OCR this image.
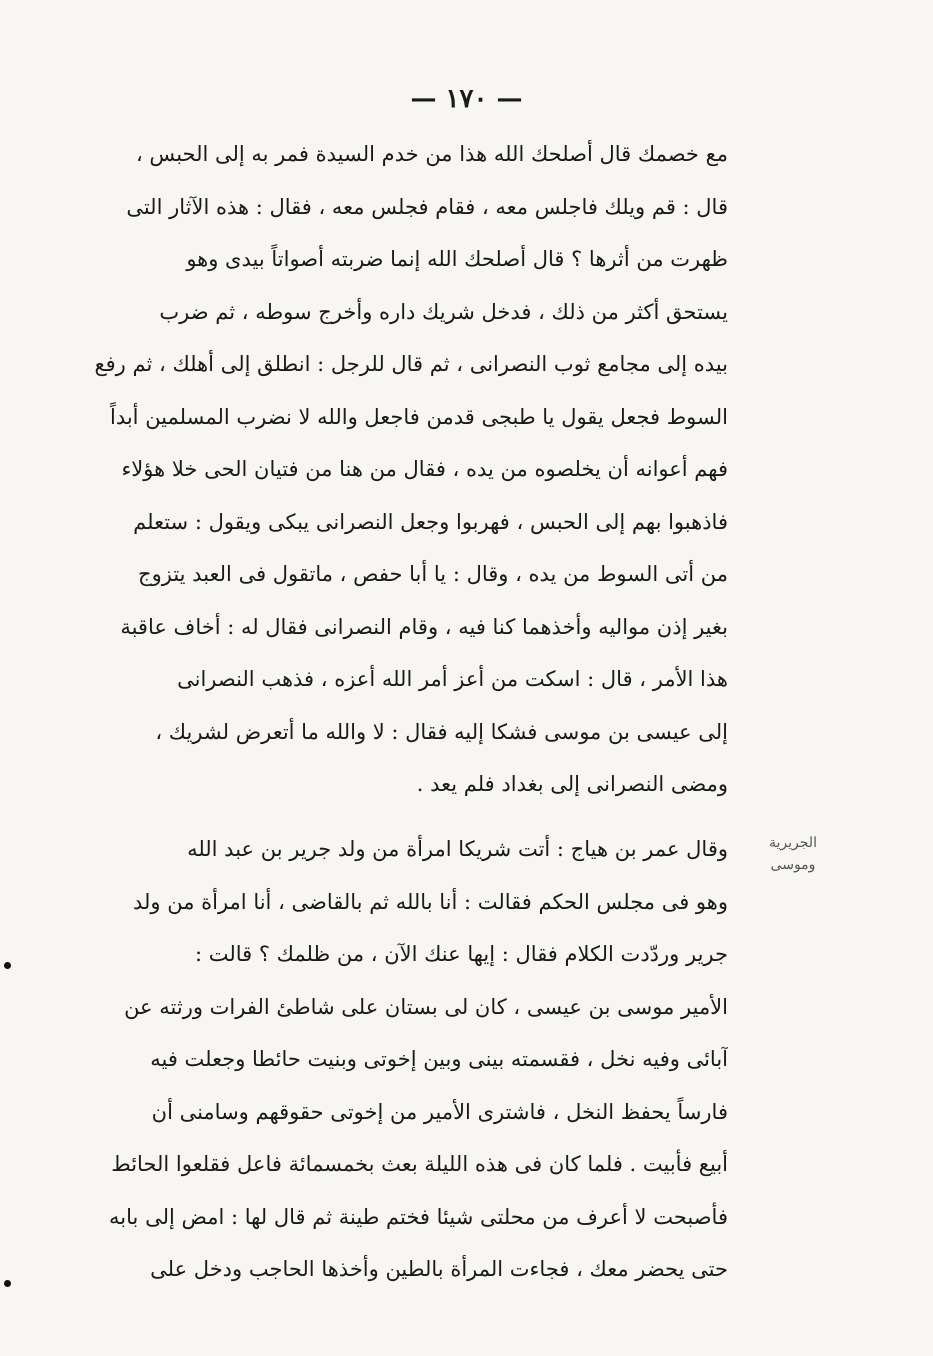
— ١٧٠ —
مع خصمك قال أصلحك الله هذا من خدم السيدة فمر به إلى الحبس ،
قال : قم ويلك فاجلس معه ، فقام فجلس معه ، فقال : هذه الآثار التى
ظهرت من أثرها ؟ قال أصلحك الله إنما ضربته أصواتاً بيدى وهو
يستحق أكثر من ذلك ، فدخل شريك داره وأخرج سوطه ، ثم ضرب
بيده إلى مجامع ثوب النصرانى ، ثم قال للرجل : انطلق إلى أهلك ، ثم رفع
السوط فجعل يقول يا طبجى قدمن فاجعل والله لا نضرب المسلمين أبداً
فهم أعوانه أن يخلصوه من يده ، فقال من هنا من فتيان الحى خلا هؤلاء
فاذهبوا بهم إلى الحبس ، فهربوا وجعل النصرانى يبكى ويقول : ستعلم
من أتى السوط من يده ، وقال : يا أبا حفص ، ماتقول فى العبد يتزوج
بغير إذن مواليه وأخذهما كنا فيه ، وقام النصرانى فقال له : أخاف عاقبة
هذا الأمر ، قال : اسكت من أعز أمر الله أعزه ، فذهب النصرانى
إلى عيسى بن موسى فشكا إليه فقال : لا والله ما أتعرض لشريك ،
ومضى النصرانى إلى بغداد فلم يعد .
الجريرية
وموسى
وقال عمر بن هياج : أتت شريكا امرأة من ولد جرير بن عبد الله
وهو فى مجلس الحكم فقالت : أنا بالله ثم بالقاضى ، أنا امرأة من ولد
جرير وردّدت الكلام فقال : إيها عنك الآن ، من ظلمك ؟ قالت :
الأمير موسى بن عيسى ، كان لى بستان على شاطئ الفرات ورثته عن
آبائى وفيه نخل ، فقسمته بينى وبين إخوتى وبنيت حائطا وجعلت فيه
فارساً يحفظ النخل ، فاشترى الأمير من إخوتى حقوقهم وسامنى أن
أبيع فأبيت . فلما كان فى هذه الليلة بعث بخمسمائة فاعل فقلعوا الحائط
فأصبحت لا أعرف من محلتى شيئا فختم طينة ثم قال لها : امض إلى بابه
حتى يحضر معك ، فجاءت المرأة بالطين وأخذها الحاجب ودخل على
